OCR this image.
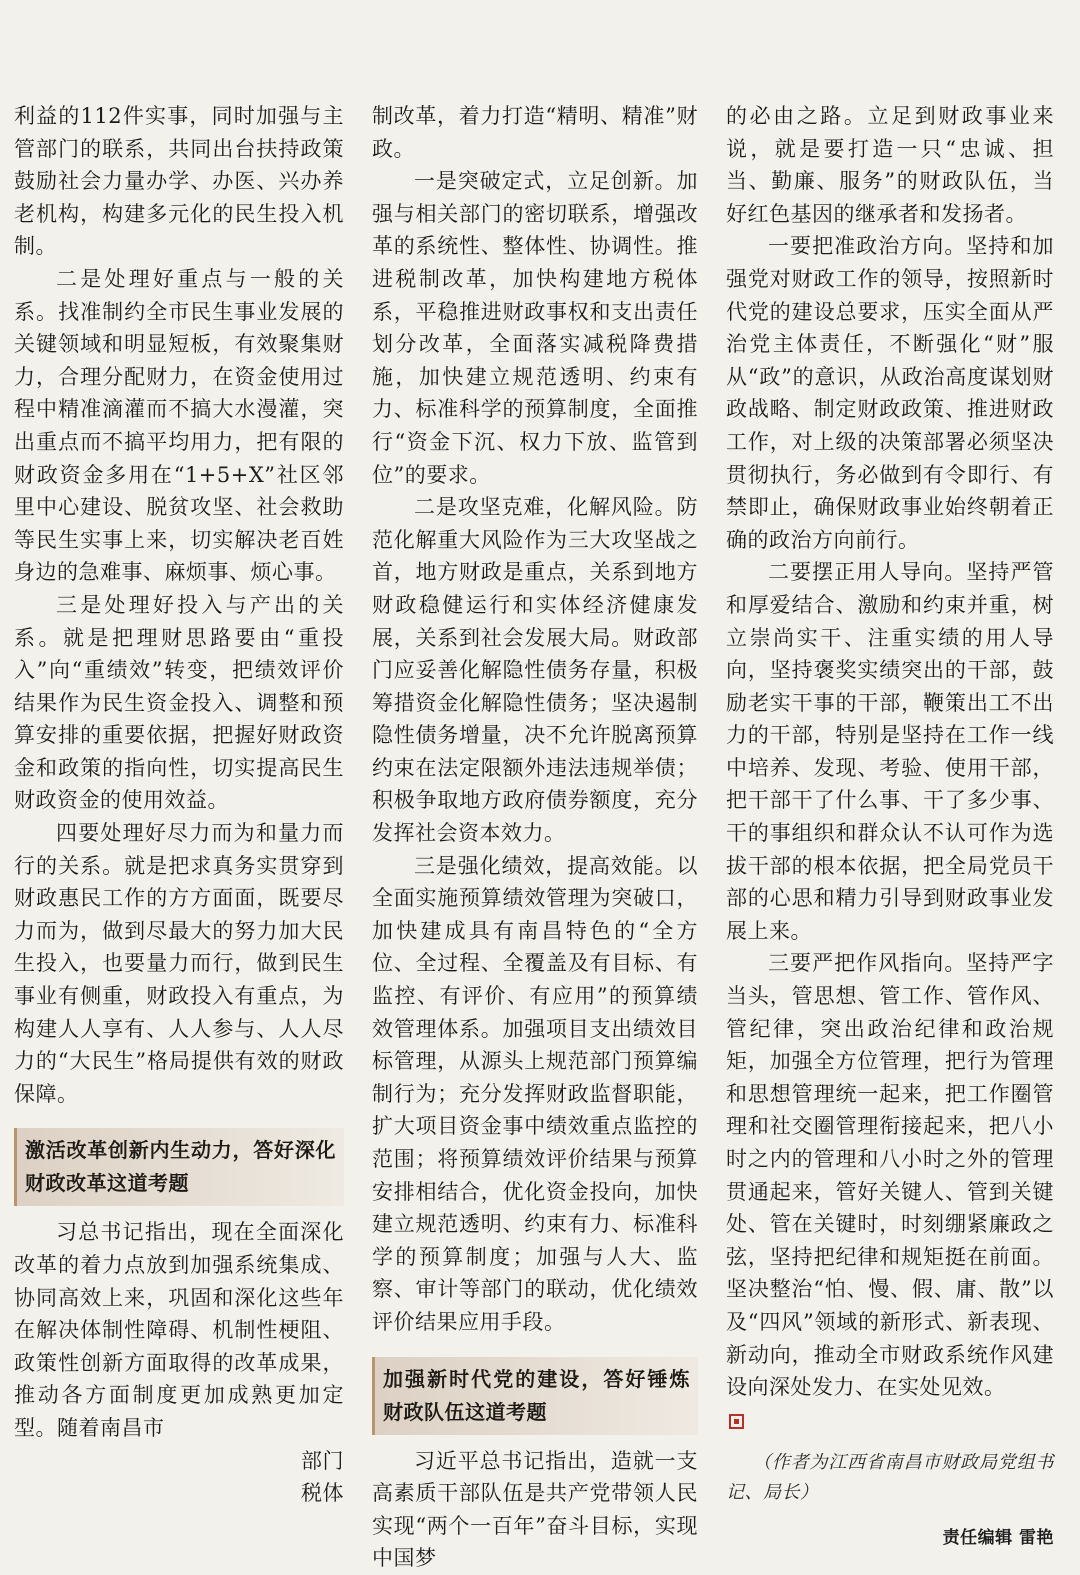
利益的112件实事，同时加强与主管部门的联系，共同出台扶持政策鼓励社会力量办学、办医、兴办养老机构，构建多元化的民生投入机制。

二是处理好重点与一般的关系。找准制约全市民生事业发展的关键领域和明显短板，有效聚集财力，合理分配财力，在资金使用过程中精准滴灌而不搞大水漫灌，突出重点而不搞平均用力，把有限的财政资金多用在“1+5+X”社区邻里中心建设、脱贫攻坚、社会救助等民生实事上来，切实解决老百姓身边的急难事、麻烦事、烦心事。

三是处理好投入与产出的关系。就是把理财思路要由“重投入”向“重绩效”转变，把绩效评价结果作为民生资金投入、调整和预算安排的重要依据，把握好财政资金和政策的指向性，切实提高民生财政资金的使用效益。

四要处理好尽力而为和量力而行的关系。就是把求真务实贯穿到财政惠民工作的方方面面，既要尽力而为，做到尽最大的努力加大民生投入，也要量力而行，做到民生事业有侧重，财政投入有重点，为构建人人享有、人人参与、人人尽力的“大民生”格局提供有效的财政保障。

激活改革创新内生动力，答好深化财政改革这道考题

习总书记指出，现在全面深化改革的着力点放到加强系统集成、协同高效上来，巩固和深化这些年在解决体制性障碍、机制性梗阻、政策性创新方面取得的改革成果，推动各方面制度更加成熟更加定型。随着南昌市

部门
税体

制改革，着力打造“精明、精准”财政。

一是突破定式，立足创新。加强与相关部门的密切联系，增强改革的系统性、整体性、协调性。推进税制改革，加快构建地方税体系，平稳推进财政事权和支出责任划分改革，全面落实减税降费措施，加快建立规范透明、约束有力、标准科学的预算制度，全面推行“资金下沉、权力下放、监管到位”的要求。

二是攻坚克难，化解风险。防范化解重大风险作为三大攻坚战之首，地方财政是重点，关系到地方财政稳健运行和实体经济健康发展，关系到社会发展大局。财政部门应妥善化解隐性债务存量，积极筹措资金化解隐性债务；坚决遏制隐性债务增量，决不允许脱离预算约束在法定限额外违法违规举债；积极争取地方政府债券额度，充分发挥社会资本效力。

三是强化绩效，提高效能。以全面实施预算绩效管理为突破口，加快建成具有南昌特色的“全方位、全过程、全覆盖及有目标、有监控、有评价、有应用”的预算绩效管理体系。加强项目支出绩效目标管理，从源头上规范部门预算编制行为；充分发挥财政监督职能，扩大项目资金事中绩效重点监控的范围；将预算绩效评价结果与预算安排相结合，优化资金投向，加快建立规范透明、约束有力、标准科学的预算制度；加强与人大、监察、审计等部门的联动，优化绩效评价结果应用手段。

加强新时代党的建设，答好锤炼财政队伍这道考题

习近平总书记指出，造就一支高素质干部队伍是共产党带领人民实现“两个一百年”奋斗目标，实现中国梦

的必由之路。立足到财政事业来说，就是要打造一只“忠诚、担当、勤廉、服务”的财政队伍，当好红色基因的继承者和发扬者。

一要把准政治方向。坚持和加强党对财政工作的领导，按照新时代党的建设总要求，压实全面从严治党主体责任，不断强化“财”服从“政”的意识，从政治高度谋划财政战略、制定财政政策、推进财政工作，对上级的决策部署必须坚决贯彻执行，务必做到有令即行、有禁即止，确保财政事业始终朝着正确的政治方向前行。

二要摆正用人导向。坚持严管和厚爱结合、激励和约束并重，树立崇尚实干、注重实绩的用人导向，坚持褒奖实绩突出的干部，鼓励老实干事的干部，鞭策出工不出力的干部，特别是坚持在工作一线中培养、发现、考验、使用干部，把干部干了什么事、干了多少事、干的事组织和群众认不认可作为选拔干部的根本依据，把全局党员干部的心思和精力引导到财政事业发展上来。

三要严把作风指向。坚持严字当头，管思想、管工作、管作风、管纪律，突出政治纪律和政治规矩，加强全方位管理，把行为管理和思想管理统一起来，把工作圈管理和社交圈管理衔接起来，把八小时之内的管理和八小时之外的管理贯通起来，管好关键人、管到关键处、管在关键时，时刻绷紧廉政之弦，坚持把纪律和规矩挺在前面。坚决整治“怕、慢、假、庸、散”以及“四风”领域的新形式、新表现、新动向，推动全市财政系统作风建设向深处发力、在实处见效。

（作者为江西省南昌市财政局党组书记、局长）
责任编辑 雷艳
